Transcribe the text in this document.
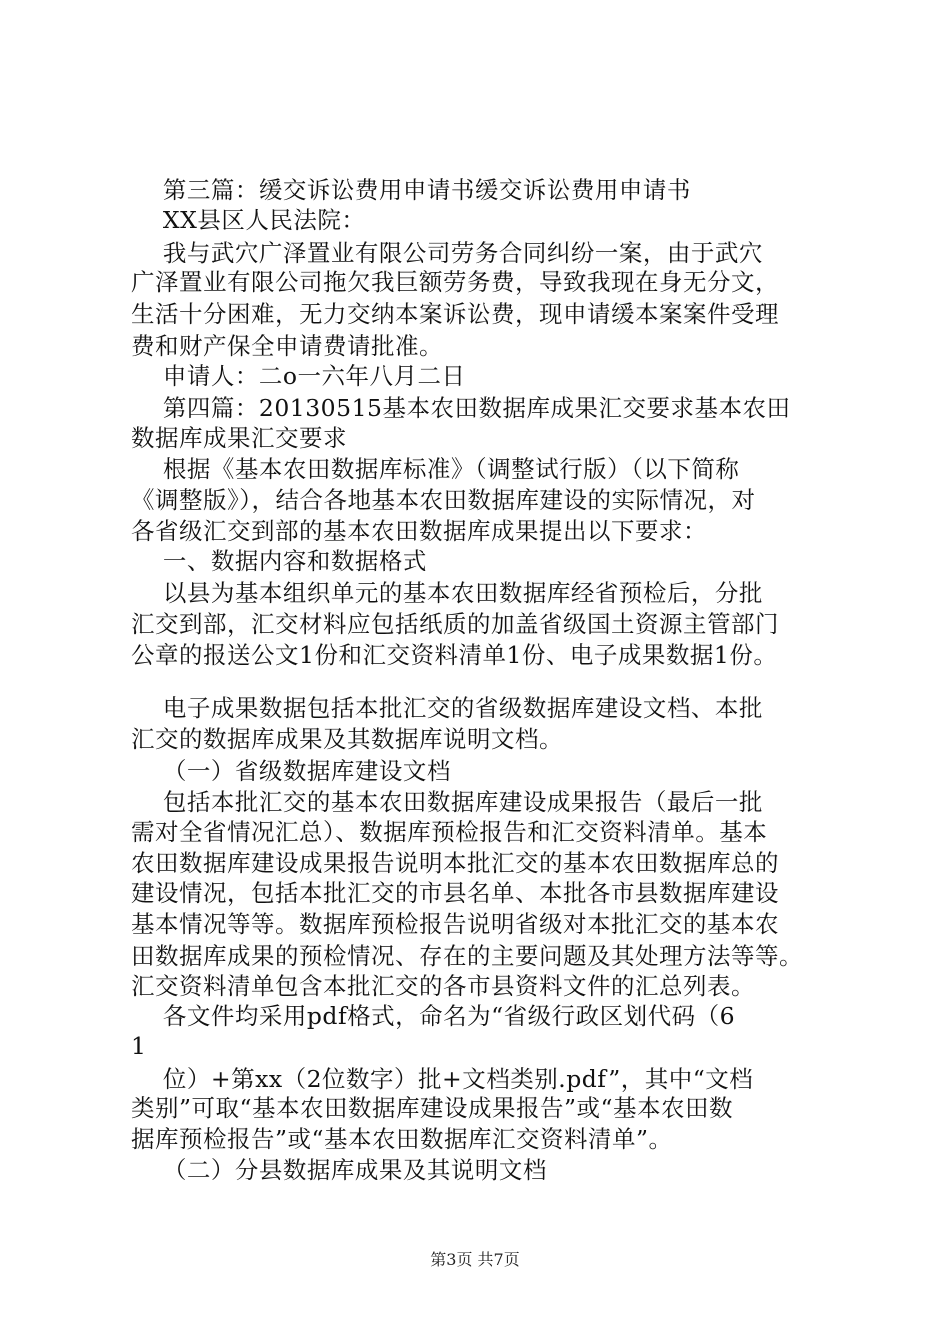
第三篇：缓交诉讼费用申请书缓交诉讼费用申请书
XX县区人民法院：
我与武穴广泽置业有限公司劳务合同纠纷一案，由于武穴
广泽置业有限公司拖欠我巨额劳务费，导致我现在身无分文，
生活十分困难，无力交纳本案诉讼费，现申请缓本案案件受理
费和财产保全申请费请批准。
申请人：二o一六年八月二日
第四篇：20130515基本农田数据库成果汇交要求基本农田
数据库成果汇交要求
根据《基本农田数据库标准》（调整试行版）（以下简称
《调整版》），结合各地基本农田数据库建设的实际情况，对
各省级汇交到部的基本农田数据库成果提出以下要求：
一、数据内容和数据格式
以县为基本组织单元的基本农田数据库经省预检后，分批
汇交到部，汇交材料应包括纸质的加盖省级国土资源主管部门
公章的报送公文1份和汇交资料清单1份、电子成果数据1份。
电子成果数据包括本批汇交的省级数据库建设文档、本批
汇交的数据库成果及其数据库说明文档。
（一）省级数据库建设文档
包括本批汇交的基本农田数据库建设成果报告（最后一批
需对全省情况汇总）、数据库预检报告和汇交资料清单。基本
农田数据库建设成果报告说明本批汇交的基本农田数据库总的
建设情况，包括本批汇交的市县名单、本批各市县数据库建设
基本情况等等。数据库预检报告说明省级对本批汇交的基本农
田数据库成果的预检情况、存在的主要问题及其处理方法等等。
汇交资料清单包含本批汇交的各市县资料文件的汇总列表。
各文件均采用pdf格式，命名为“省级行政区划代码（6
1
位）+第xx（2位数字）批+文档类别.pdf”，其中“文档
类别”可取“基本农田数据库建设成果报告”或“基本农田数
据库预检报告”或“基本农田数据库汇交资料清单”。
（二）分县数据库成果及其说明文档
第3页 共7页
